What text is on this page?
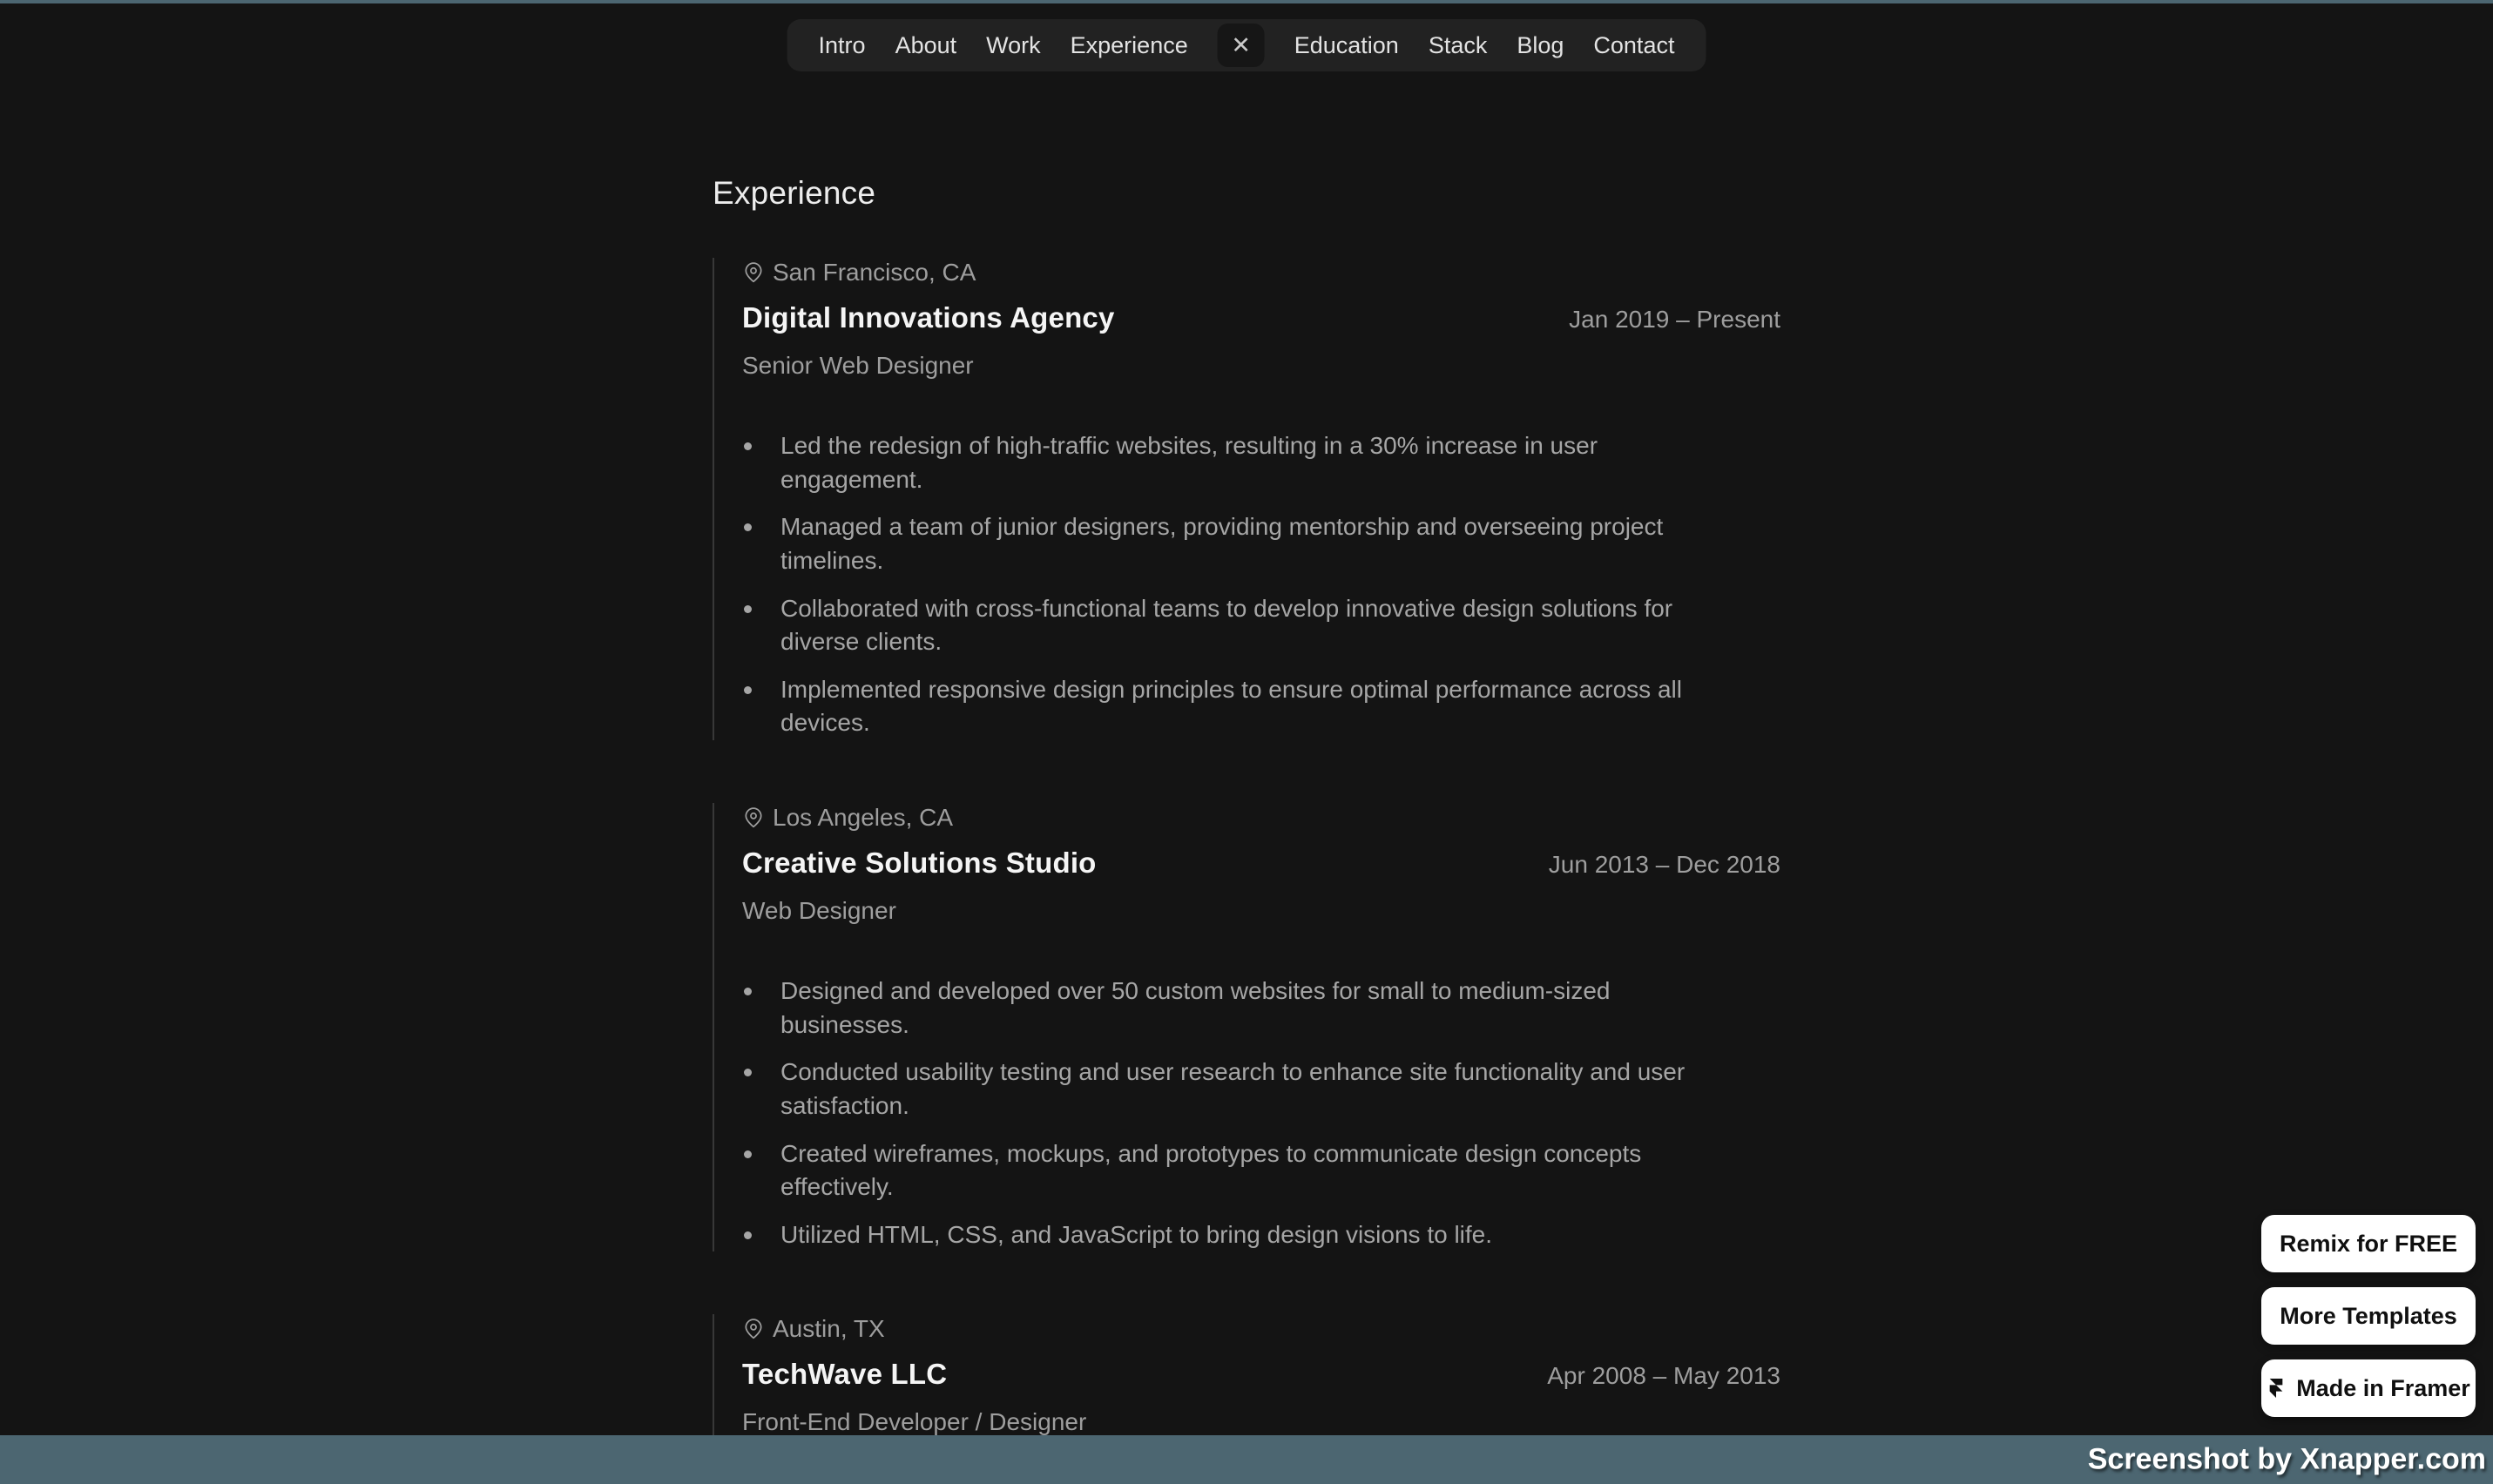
Intro About Work Experience ✕ Education Stack Blog Contact
Experience
San Francisco, CA
Digital Innovations Agency	Jan 2019 – Present
Senior Web Designer
Led the redesign of high-traffic websites, resulting in a 30% increase in user engagement.
Managed a team of junior designers, providing mentorship and overseeing project timelines.
Collaborated with cross-functional teams to develop innovative design solutions for diverse clients.
Implemented responsive design principles to ensure optimal performance across all devices.
Los Angeles, CA
Creative Solutions Studio	Jun 2013 – Dec 2018
Web Designer
Designed and developed over 50 custom websites for small to medium-sized businesses.
Conducted usability testing and user research to enhance site functionality and user satisfaction.
Created wireframes, mockups, and prototypes to communicate design concepts effectively.
Utilized HTML, CSS, and JavaScript to bring design visions to life.
Austin, TX
TechWave LLC	Apr 2008 – May 2013
Front-End Developer / Designer
Remix for FREE
More Templates
Made in Framer
Screenshot by Xnapper.com
